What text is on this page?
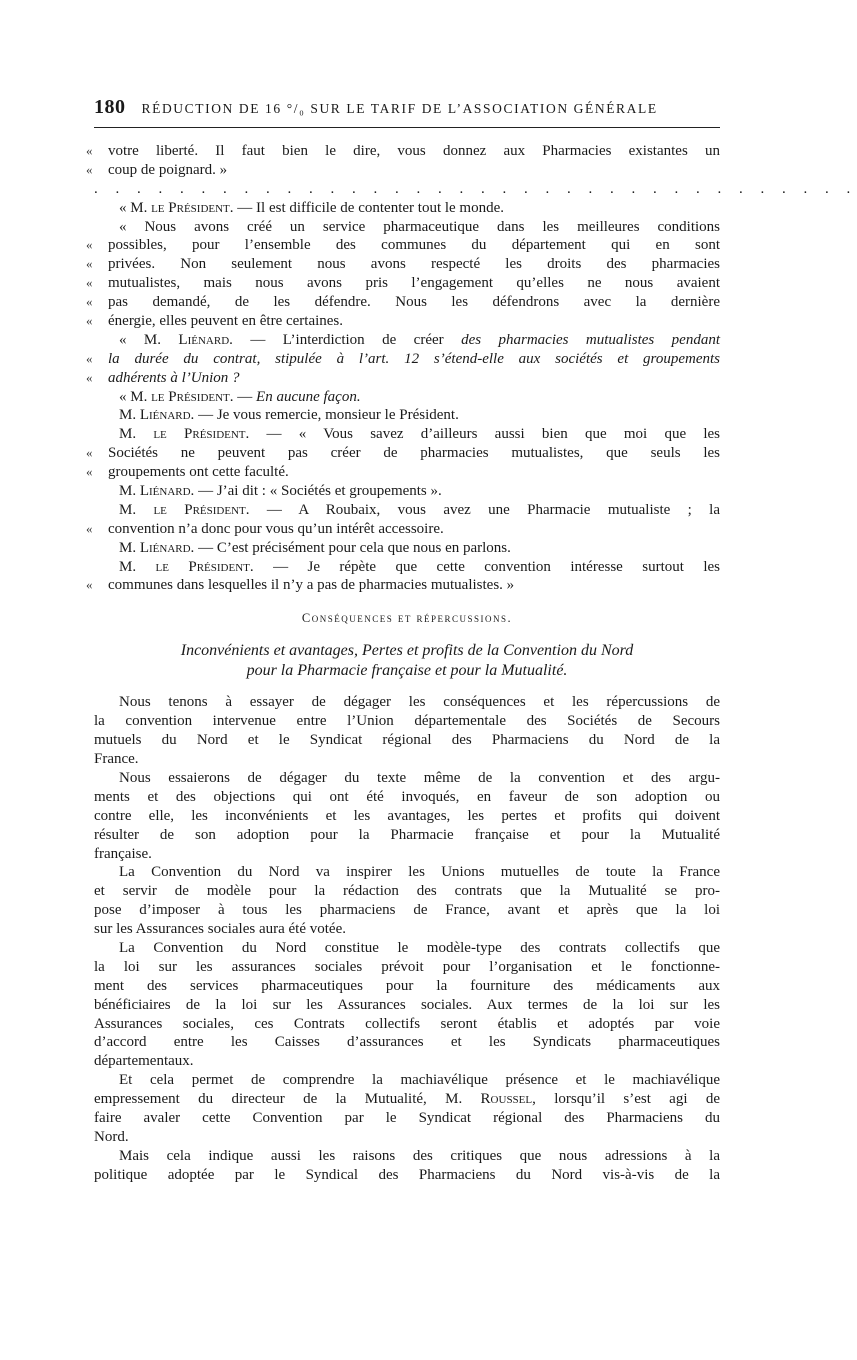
180 RÉDUCTION DE 16 °/₀ SUR LE TARIF DE L’ASSOCIATION GÉNÉRALE
« votre liberté. Il faut bien le dire, vous donnez aux Pharmacies existantes un
« coup de poignard. »
. . . . . . . . . . . . . . . . . . . . . . . . . . . . . . . . . . . .
« M. le Président. — Il est difficile de contenter tout le monde.
« Nous avons créé un service pharmaceutique dans les meilleures conditions
« possibles, pour l’ensemble des communes du département qui en sont
« privées. Non seulement nous avons respecté les droits des pharmacies
« mutualistes, mais nous avons pris l’engagement qu’elles ne nous avaient
« pas demandé, de les défendre. Nous les défendrons avec la dernière
« énergie, elles peuvent en être certaines.
« M. Liénard. — L’interdiction de créer des pharmacies mutualistes pendant
« la durée du contrat, stipulée à l’art. 12 s’étend-elle aux sociétés et groupements
« adhérents à l’Union ?
« M. le Président. — En aucune façon.
M. Liénard. — Je vous remercie, monsieur le Président.
M. le Président. — « Vous savez d’ailleurs aussi bien que moi que les
« Sociétés ne peuvent pas créer de pharmacies mutualistes, que seuls les
« groupements ont cette faculté.
M. Liénard. — J’ai dit : « Sociétés et groupements ».
M. le Président. — A Roubaix, vous avez une Pharmacie mutualiste ; la
« convention n’a donc pour vous qu’un intérêt accessoire.
M. Liénard. — C’est précisément pour cela que nous en parlons.
M. le Président. — Je répète que cette convention intéresse surtout les
« communes dans lesquelles il n’y a pas de pharmacies mutualistes. »
Conséquences et répercussions.
Inconvénients et avantages, Pertes et profits de la Convention du Nord
pour la Pharmacie française et pour la Mutualité.
Nous tenons à essayer de dégager les conséquences et les répercussions de
la convention intervenue entre l’Union départementale des Sociétés de Secours
mutuels du Nord et le Syndicat régional des Pharmaciens du Nord de la
France.
Nous essaierons de dégager du texte même de la convention et des argu-
ments et des objections qui ont été invoqués, en faveur de son adoption ou
contre elle, les inconvénients et les avantages, les pertes et profits qui doivent
résulter de son adoption pour la Pharmacie française et pour la Mutualité
française.
La Convention du Nord va inspirer les Unions mutuelles de toute la France
et servir de modèle pour la rédaction des contrats que la Mutualité se pro-
pose d’imposer à tous les pharmaciens de France, avant et après que la loi
sur les Assurances sociales aura été votée.
La Convention du Nord constitue le modèle-type des contrats collectifs que
la loi sur les assurances sociales prévoit pour l’organisation et le fonctionne-
ment des services pharmaceutiques pour la fourniture des médicaments aux
bénéficiaires de la loi sur les Assurances sociales. Aux termes de la loi sur les
Assurances sociales, ces Contrats collectifs seront établis et adoptés par voie
d’accord entre les Caisses d’assurances et les Syndicats pharmaceutiques
départementaux.
Et cela permet de comprendre la machiavélique présence et le machiavélique
empressement du directeur de la Mutualité, M. Roussel, lorsqu’il s’est agi de
faire avaler cette Convention par le Syndicat régional des Pharmaciens du
Nord.
Mais cela indique aussi les raisons des critiques que nous adressions à la
politique adoptée par le Syndical des Pharmaciens du Nord vis-à-vis de la
